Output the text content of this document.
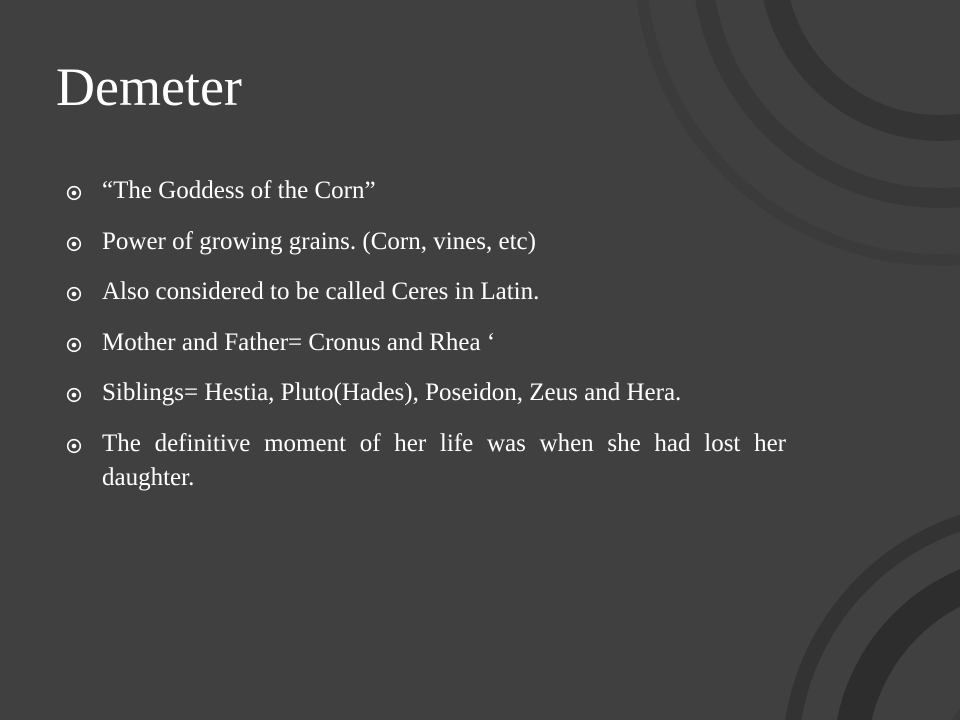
Demeter
“The Goddess of the Corn”
Power of growing grains. (Corn, vines, etc)
Also considered to be called Ceres in Latin.
Mother and Father= Cronus and Rhea ‘
Siblings= Hestia, Pluto(Hades), Poseidon, Zeus and Hera.
The definitive moment of her life was when she had lost her daughter.
